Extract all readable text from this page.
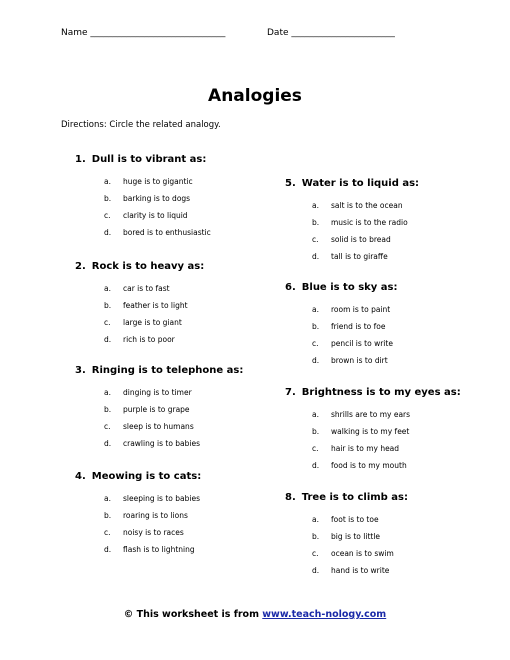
Name ______________________________	Date _______________________
Analogies
Directions: Circle the related analogy.
1. Dull is to vibrant as:
a. huge is to gigantic
b. barking is to dogs
c. clarity is to liquid
d. bored is to enthusiastic
2. Rock is to heavy as:
a. car is to fast
b. feather is to light
c. large is to giant
d. rich is to poor
3. Ringing is to telephone as:
a. dinging is to timer
b. purple is to grape
c. sleep is to humans
d. crawling is to babies
4. Meowing is to cats:
a. sleeping is to babies
b. roaring is to lions
c. noisy is to races
d. flash is to lightning
5. Water is to liquid as:
a. salt is to the ocean
b. music is to the radio
c. solid is to bread
d. tall is to giraffe
6. Blue is to sky as:
a. room is to paint
b. friend is to foe
c. pencil is to write
d. brown is to dirt
7. Brightness is to my eyes as:
a. shrills are to my ears
b. walking is to my feet
c. hair is to my head
d. food is to my mouth
8. Tree is to climb as:
a. foot is to toe
b. big is to little
c. ocean is to swim
d. hand is to write
© This worksheet is from www.teach-nology.com
